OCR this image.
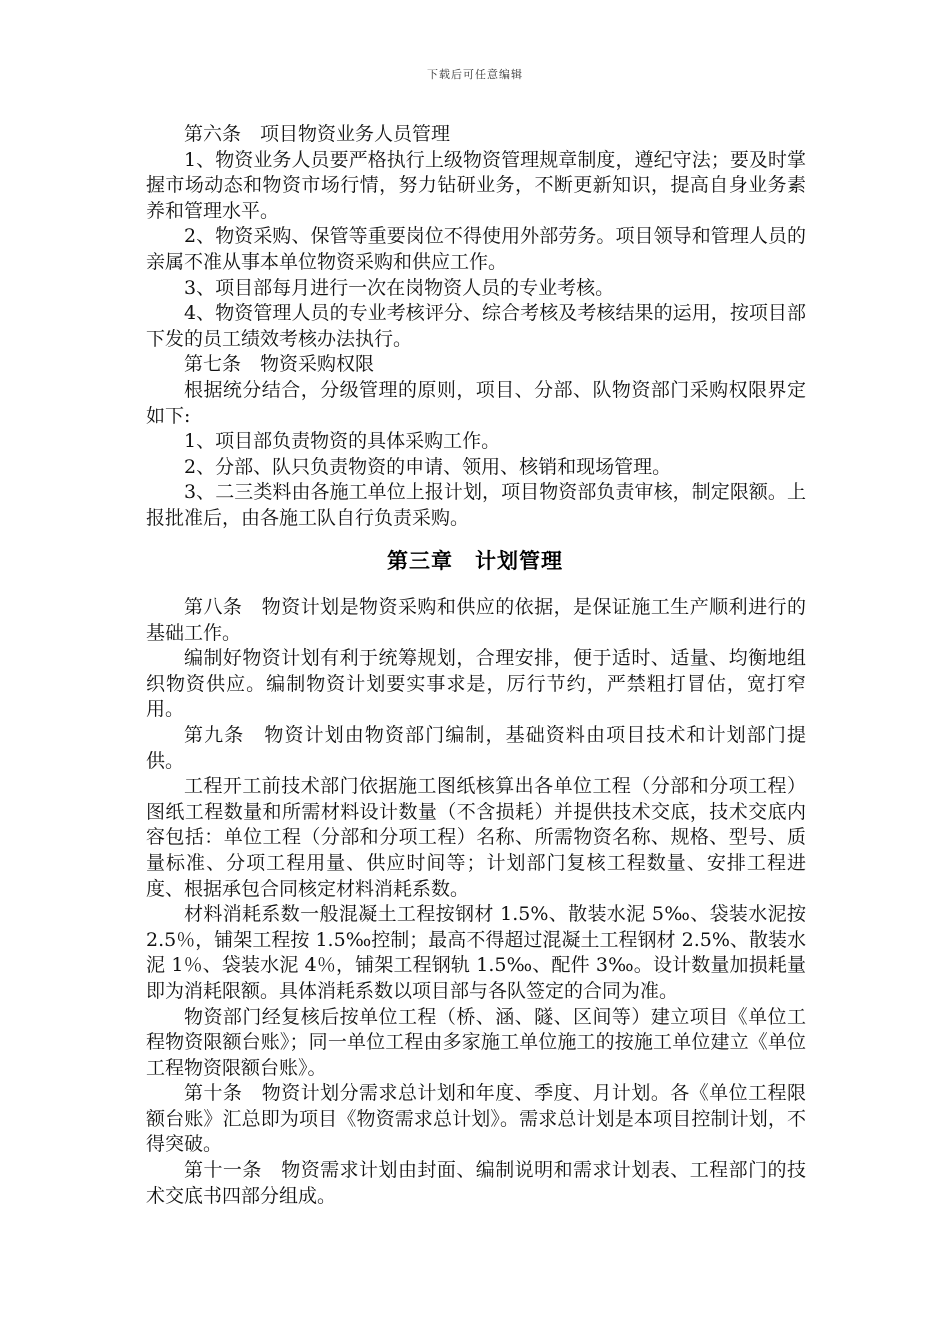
下载后可任意编辑

第六条　项目物资业务人员管理

1、物资业务人员要严格执行上级物资管理规章制度，遵纪守法；要及时掌握市场动态和物资市场行情，努力钻研业务，不断更新知识，提高自身业务素养和管理水平。

2、物资采购、保管等重要岗位不得使用外部劳务。项目领导和管理人员的亲属不准从事本单位物资采购和供应工作。

3、项目部每月进行一次在岗物资人员的专业考核。

4、物资管理人员的专业考核评分、综合考核及考核结果的运用，按项目部下发的员工绩效考核办法执行。

第七条　物资采购权限

根据统分结合，分级管理的原则，项目、分部、队物资部门采购权限界定如下:

1、项目部负责物资的具体采购工作。

2、分部、队只负责物资的申请、领用、核销和现场管理。

3、二三类料由各施工单位上报计划，项目物资部负责审核，制定限额。上报批准后，由各施工队自行负责采购。

第三章　计划管理

第八条　物资计划是物资采购和供应的依据，是保证施工生产顺利进行的基础工作。

编制好物资计划有利于统筹规划，合理安排，便于适时、适量、均衡地组织物资供应。编制物资计划要实事求是，厉行节约，严禁粗打冒估，宽打窄用。

第九条　物资计划由物资部门编制，基础资料由项目技术和计划部门提供。

工程开工前技术部门依据施工图纸核算出各单位工程（分部和分项工程）图纸工程数量和所需材料设计数量（不含损耗）并提供技术交底，技术交底内容包括：单位工程（分部和分项工程）名称、所需物资名称、规格、型号、质量标准、分项工程用量、供应时间等；计划部门复核工程数量、安排工程进度、根据承包合同核定材料消耗系数。

材料消耗系数一般混凝土工程按钢材 1.5%、散装水泥 5‰、袋装水泥按 2.5％，铺架工程按 1.5‰控制；最高不得超过混凝土工程钢材 2.5%、散装水泥 1％、袋装水泥 4％，铺架工程钢轨 1.5‰、配件 3‰。设计数量加损耗量即为消耗限额。具体消耗系数以项目部与各队签定的合同为准。

物资部门经复核后按单位工程（桥、涵、隧、区间等）建立项目《单位工程物资限额台账》；同一单位工程由多家施工单位施工的按施工单位建立《单位工程物资限额台账》。

第十条　物资计划分需求总计划和年度、季度、月计划。各《单位工程限额台账》汇总即为项目《物资需求总计划》。需求总计划是本项目控制计划，不得突破。

第十一条　物资需求计划由封面、编制说明和需求计划表、工程部门的技术交底书四部分组成。
